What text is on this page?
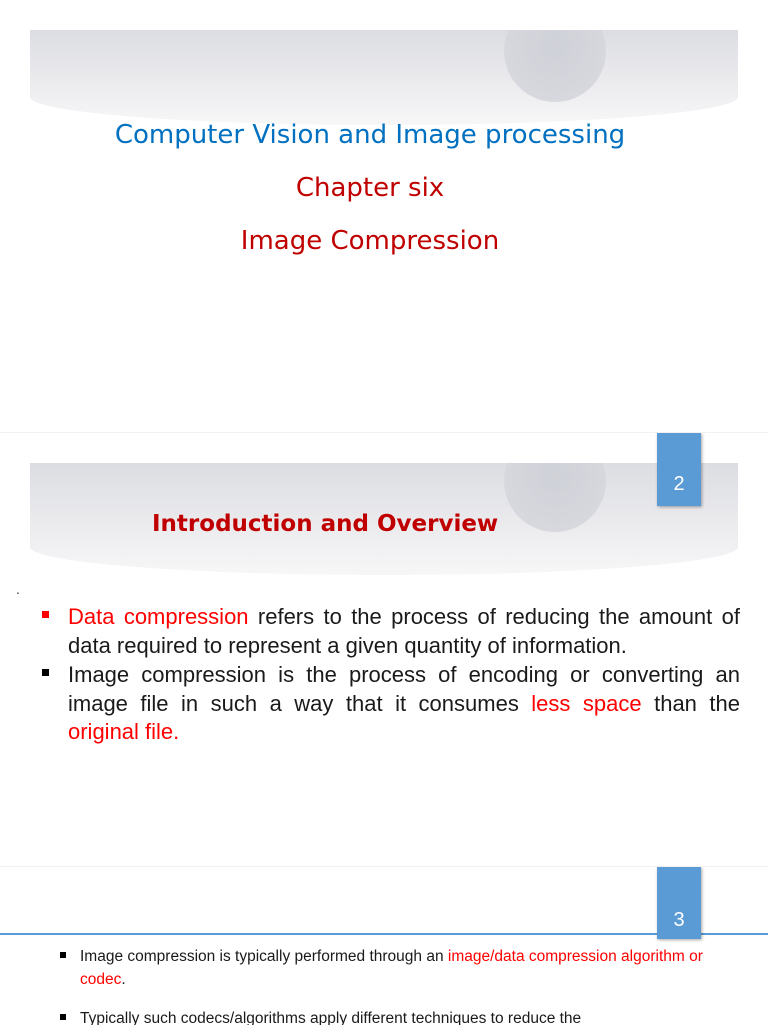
Computer Vision and Image processing

Chapter six

Image Compression

2
Introduction and Overview
.
Data compression refers to the process of reducing the amount of data required to represent a given quantity of information.
Image compression is the process of encoding or converting an image file in such a way that it consumes less space than the original file.
3
Image compression is typically performed through an image/data compression algorithm or codec.
Typically such codecs/algorithms apply different techniques to reduce the
